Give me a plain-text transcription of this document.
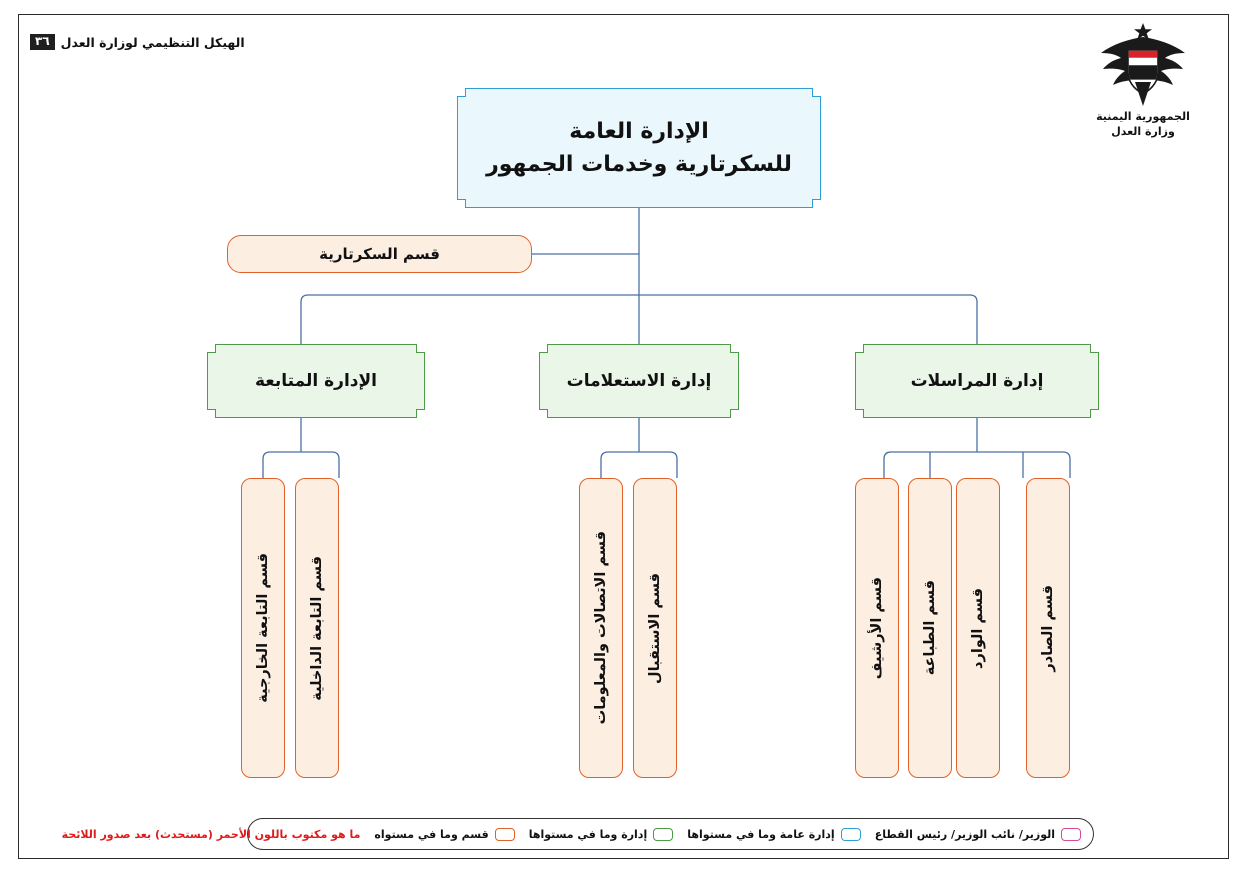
الهيكل التنظيمي لوزارة العدل
٣٦
الجمهورية اليمنية
وزارة العدل
الإدارة العامة
للسكرتارية وخدمات الجمهور
قسم السكرتارية
إدارة المراسلات
إدارة الاستعلامات
الإدارة المتابعة
قسم الصادر
قسم الوارد
قسم الطباعة
قسم الأرشيف
قسم الاستقبال
قسم الاتصالات والمعلومات
قسم التابعة الداخلية
قسم التابعة الخارجية
الوزير/ نائب الوزير/ رئيس القطاع
إدارة عامة وما في مستواها
إدارة وما في مستواها
قسم وما في مستواه
ما هو مكتوب باللون الأحمر (مستحدث) بعد صدور اللائحة
